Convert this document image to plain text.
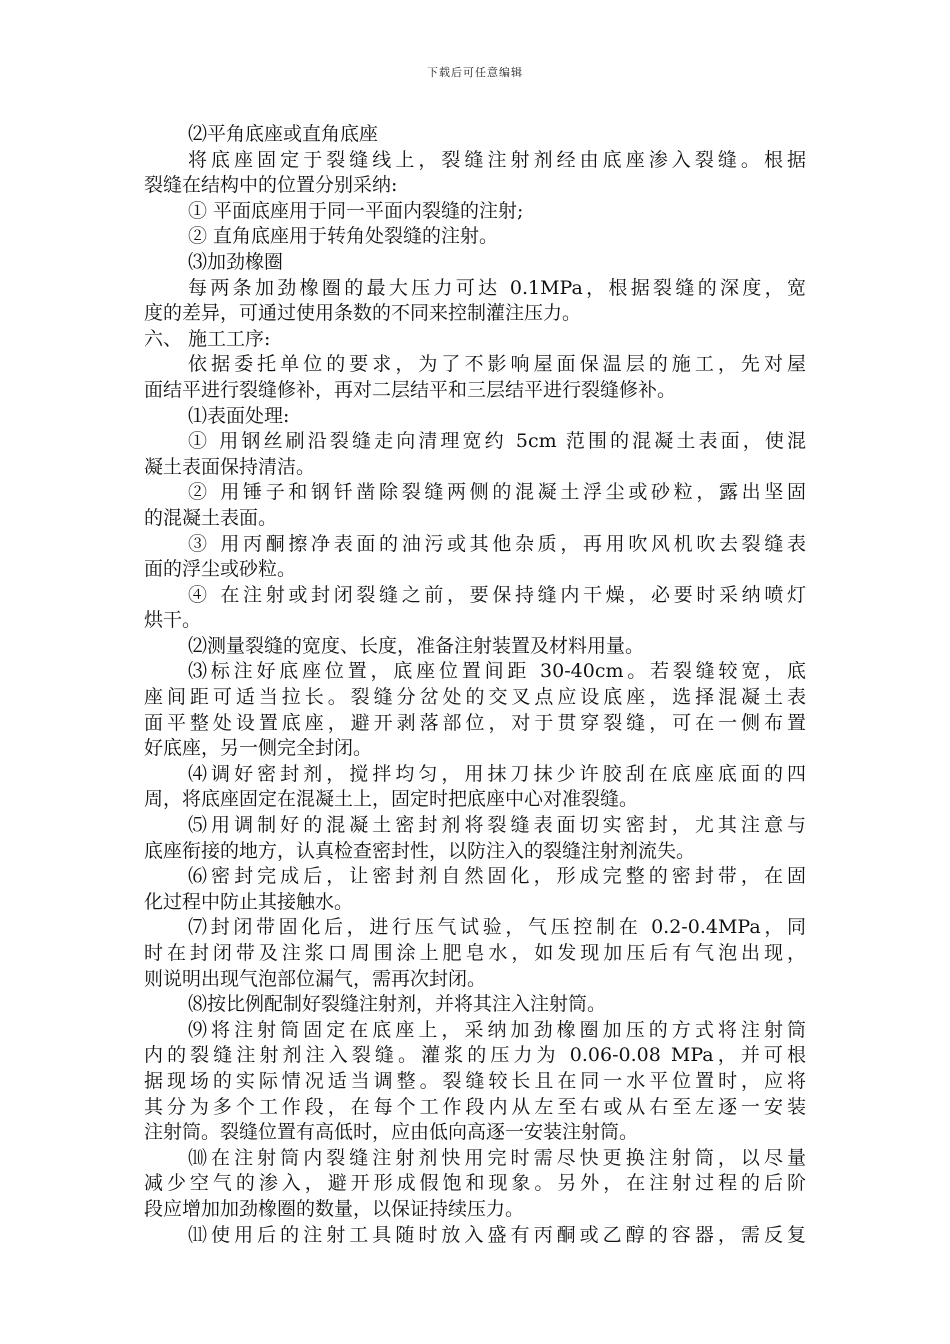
下载后可任意编辑
⑵平角底座或直角底座
将底座固定于裂缝线上，裂缝注射剂经由底座渗入裂缝。根据
裂缝在结构中的位置分别采纳:
① 平面底座用于同一平面内裂缝的注射;
② 直角底座用于转角处裂缝的注射。
⑶加劲橡圈
每两条加劲橡圈的最大压力可达 0.1MPa，根据裂缝的深度，宽
度的差异，可通过使用条数的不同来控制灌注压力。
六、 施工工序:
依据委托单位的要求，为了不影响屋面保温层的施工，先对屋
面结平进行裂缝修补，再对二层结平和三层结平进行裂缝修补。
⑴表面处理:
① 用钢丝刷沿裂缝走向清理宽约 5cm 范围的混凝土表面，使混
凝土表面保持清洁。
② 用锤子和钢钎凿除裂缝两侧的混凝土浮尘或砂粒，露出坚固
的混凝土表面。
③ 用丙酮擦净表面的油污或其他杂质，再用吹风机吹去裂缝表
面的浮尘或砂粒。
④ 在注射或封闭裂缝之前，要保持缝内干燥，必要时采纳喷灯
烘干。
⑵测量裂缝的宽度、长度，准备注射装置及材料用量。
⑶标注好底座位置，底座位置间距 30-40cm。若裂缝较宽，底
座间距可适当拉长。裂缝分岔处的交叉点应设底座，选择混凝土表
面平整处设置底座，避开剥落部位，对于贯穿裂缝，可在一侧布置
好底座，另一侧完全封闭。
⑷调好密封剂，搅拌均匀，用抹刀抹少许胶刮在底座底面的四
周，将底座固定在混凝土上，固定时把底座中心对准裂缝。
⑸用调制好的混凝土密封剂将裂缝表面切实密封，尤其注意与
底座衔接的地方，认真检查密封性，以防注入的裂缝注射剂流失。
⑹密封完成后，让密封剂自然固化，形成完整的密封带，在固
化过程中防止其接触水。
⑺封闭带固化后，进行压气试验，气压控制在 0.2-0.4MPa，同
时在封闭带及注浆口周围涂上肥皂水，如发现加压后有气泡出现，
则说明出现气泡部位漏气，需再次封闭。
⑻按比例配制好裂缝注射剂，并将其注入注射筒。
⑼将注射筒固定在底座上，采纳加劲橡圈加压的方式将注射筒
内的裂缝注射剂注入裂缝。灌浆的压力为 0.06-0.08 MPa，并可根
据现场的实际情况适当调整。裂缝较长且在同一水平位置时，应将
其分为多个工作段，在每个工作段内从左至右或从右至左逐一安装
注射筒。裂缝位置有高低时，应由低向高逐一安装注射筒。
⑽在注射筒内裂缝注射剂快用完时需尽快更换注射筒，以尽量
减少空气的渗入，避开形成假饱和现象。另外，在注射过程的后阶
段应增加加劲橡圈的数量，以保证持续压力。
⑾使用后的注射工具随时放入盛有丙酮或乙醇的容器，需反复
